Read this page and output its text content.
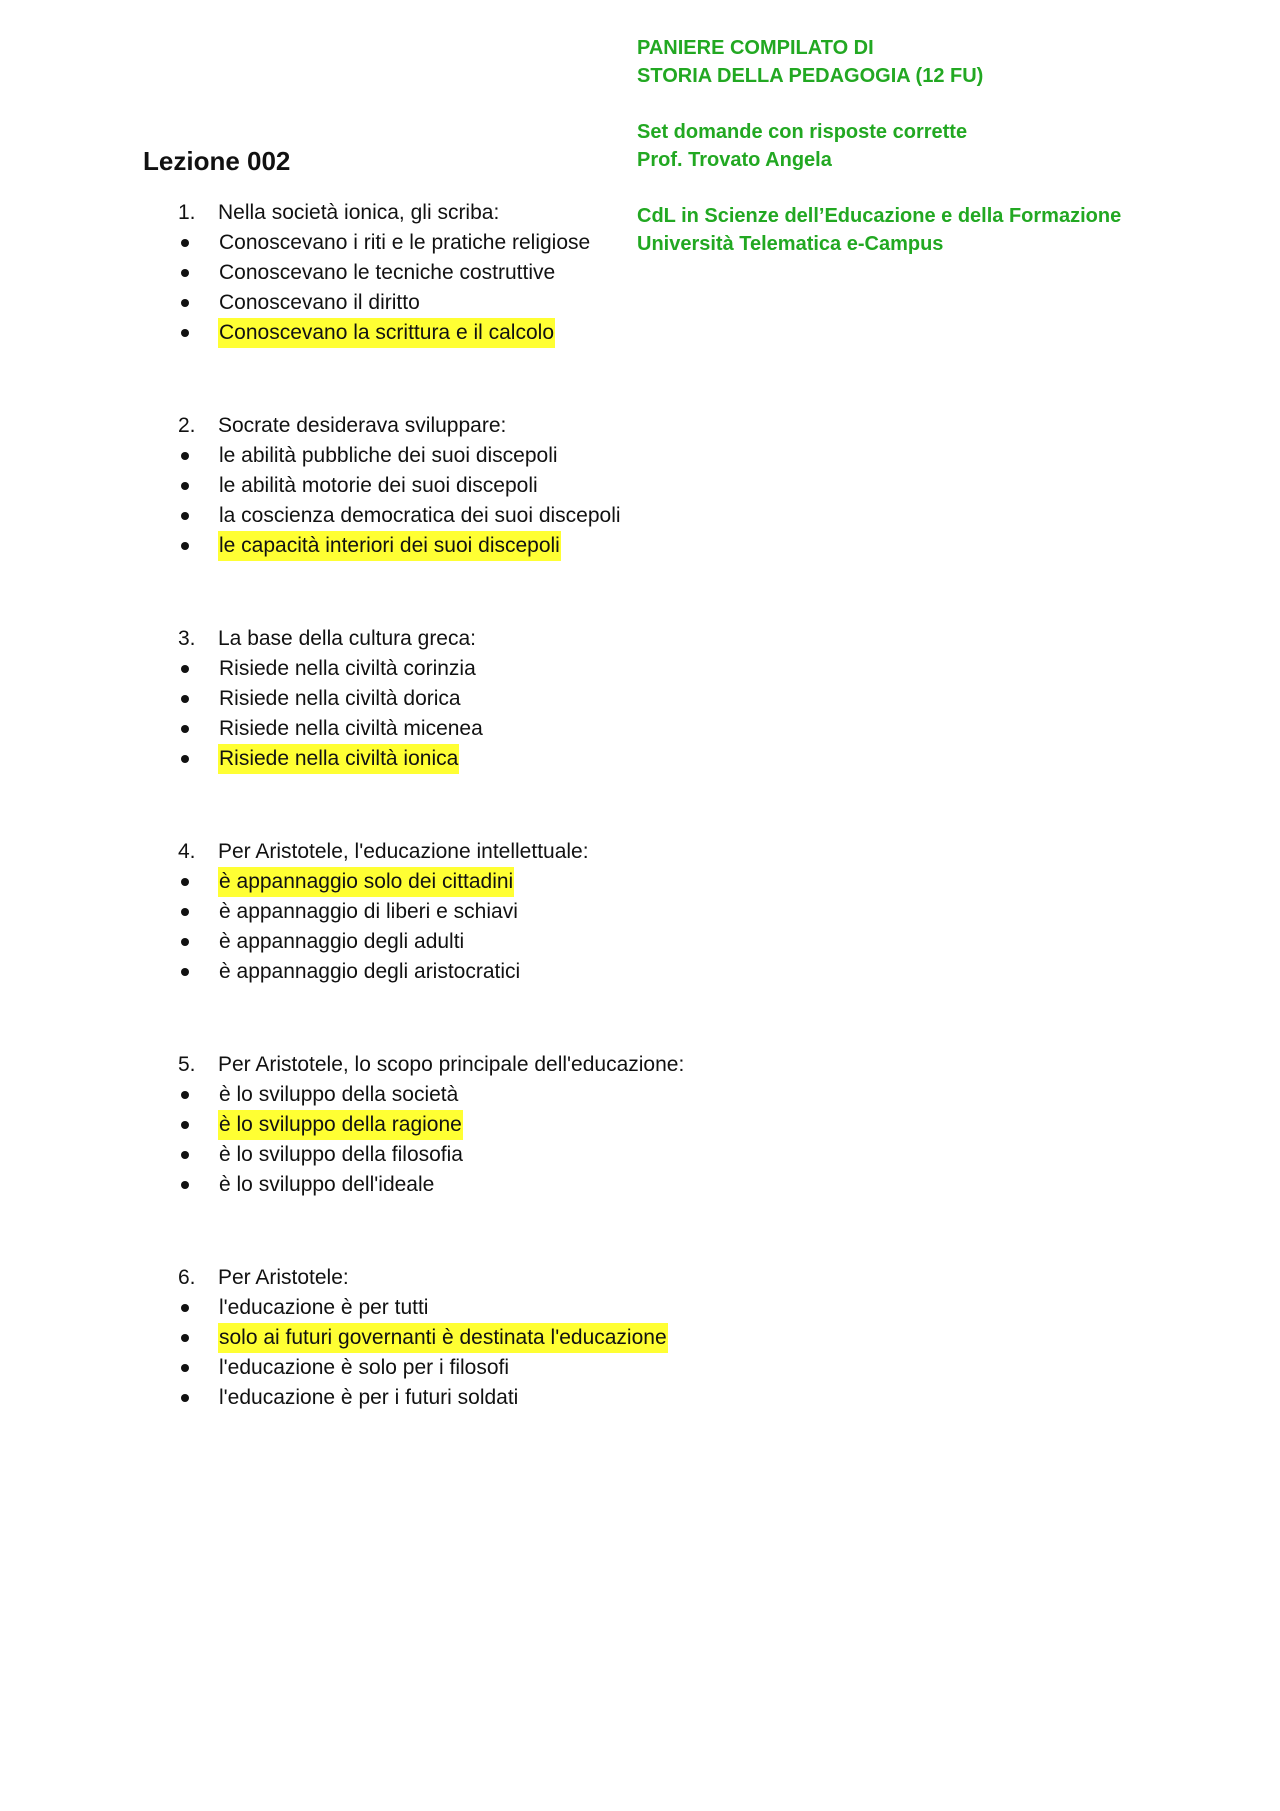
PANIERE COMPILATO DI
STORIA DELLA PEDAGOGIA (12 FU)
Set domande con risposte corrette
Prof. Trovato Angela
CdL in Scienze dell’Educazione e della Formazione
Università Telematica e-Campus
Lezione 002
1.	Nella società ionica, gli scriba:
Conoscevano i riti e le pratiche religiose
Conoscevano le tecniche costruttive
Conoscevano il diritto
Conoscevano la scrittura e il calcolo
2.	Socrate desiderava sviluppare:
le abilità pubbliche dei suoi discepoli
le abilità motorie dei suoi discepoli
la coscienza democratica dei suoi discepoli
le capacità interiori dei suoi discepoli
3.	La base della cultura greca:
Risiede nella civiltà corinzia
Risiede nella civiltà dorica
Risiede nella civiltà micenea
Risiede nella civiltà ionica
4.	Per Aristotele, l'educazione intellettuale:
è appannaggio solo dei cittadini
è appannaggio di liberi e schiavi
è appannaggio degli adulti
è appannaggio degli aristocratici
5.	Per Aristotele, lo scopo principale dell'educazione:
è lo sviluppo della società
è lo sviluppo della ragione
è lo sviluppo della filosofia
è lo sviluppo dell'ideale
6.	Per Aristotele:
l'educazione è per tutti
solo ai futuri governanti è destinata l'educazione
l'educazione è solo per i filosofi
l'educazione è per i futuri soldati
